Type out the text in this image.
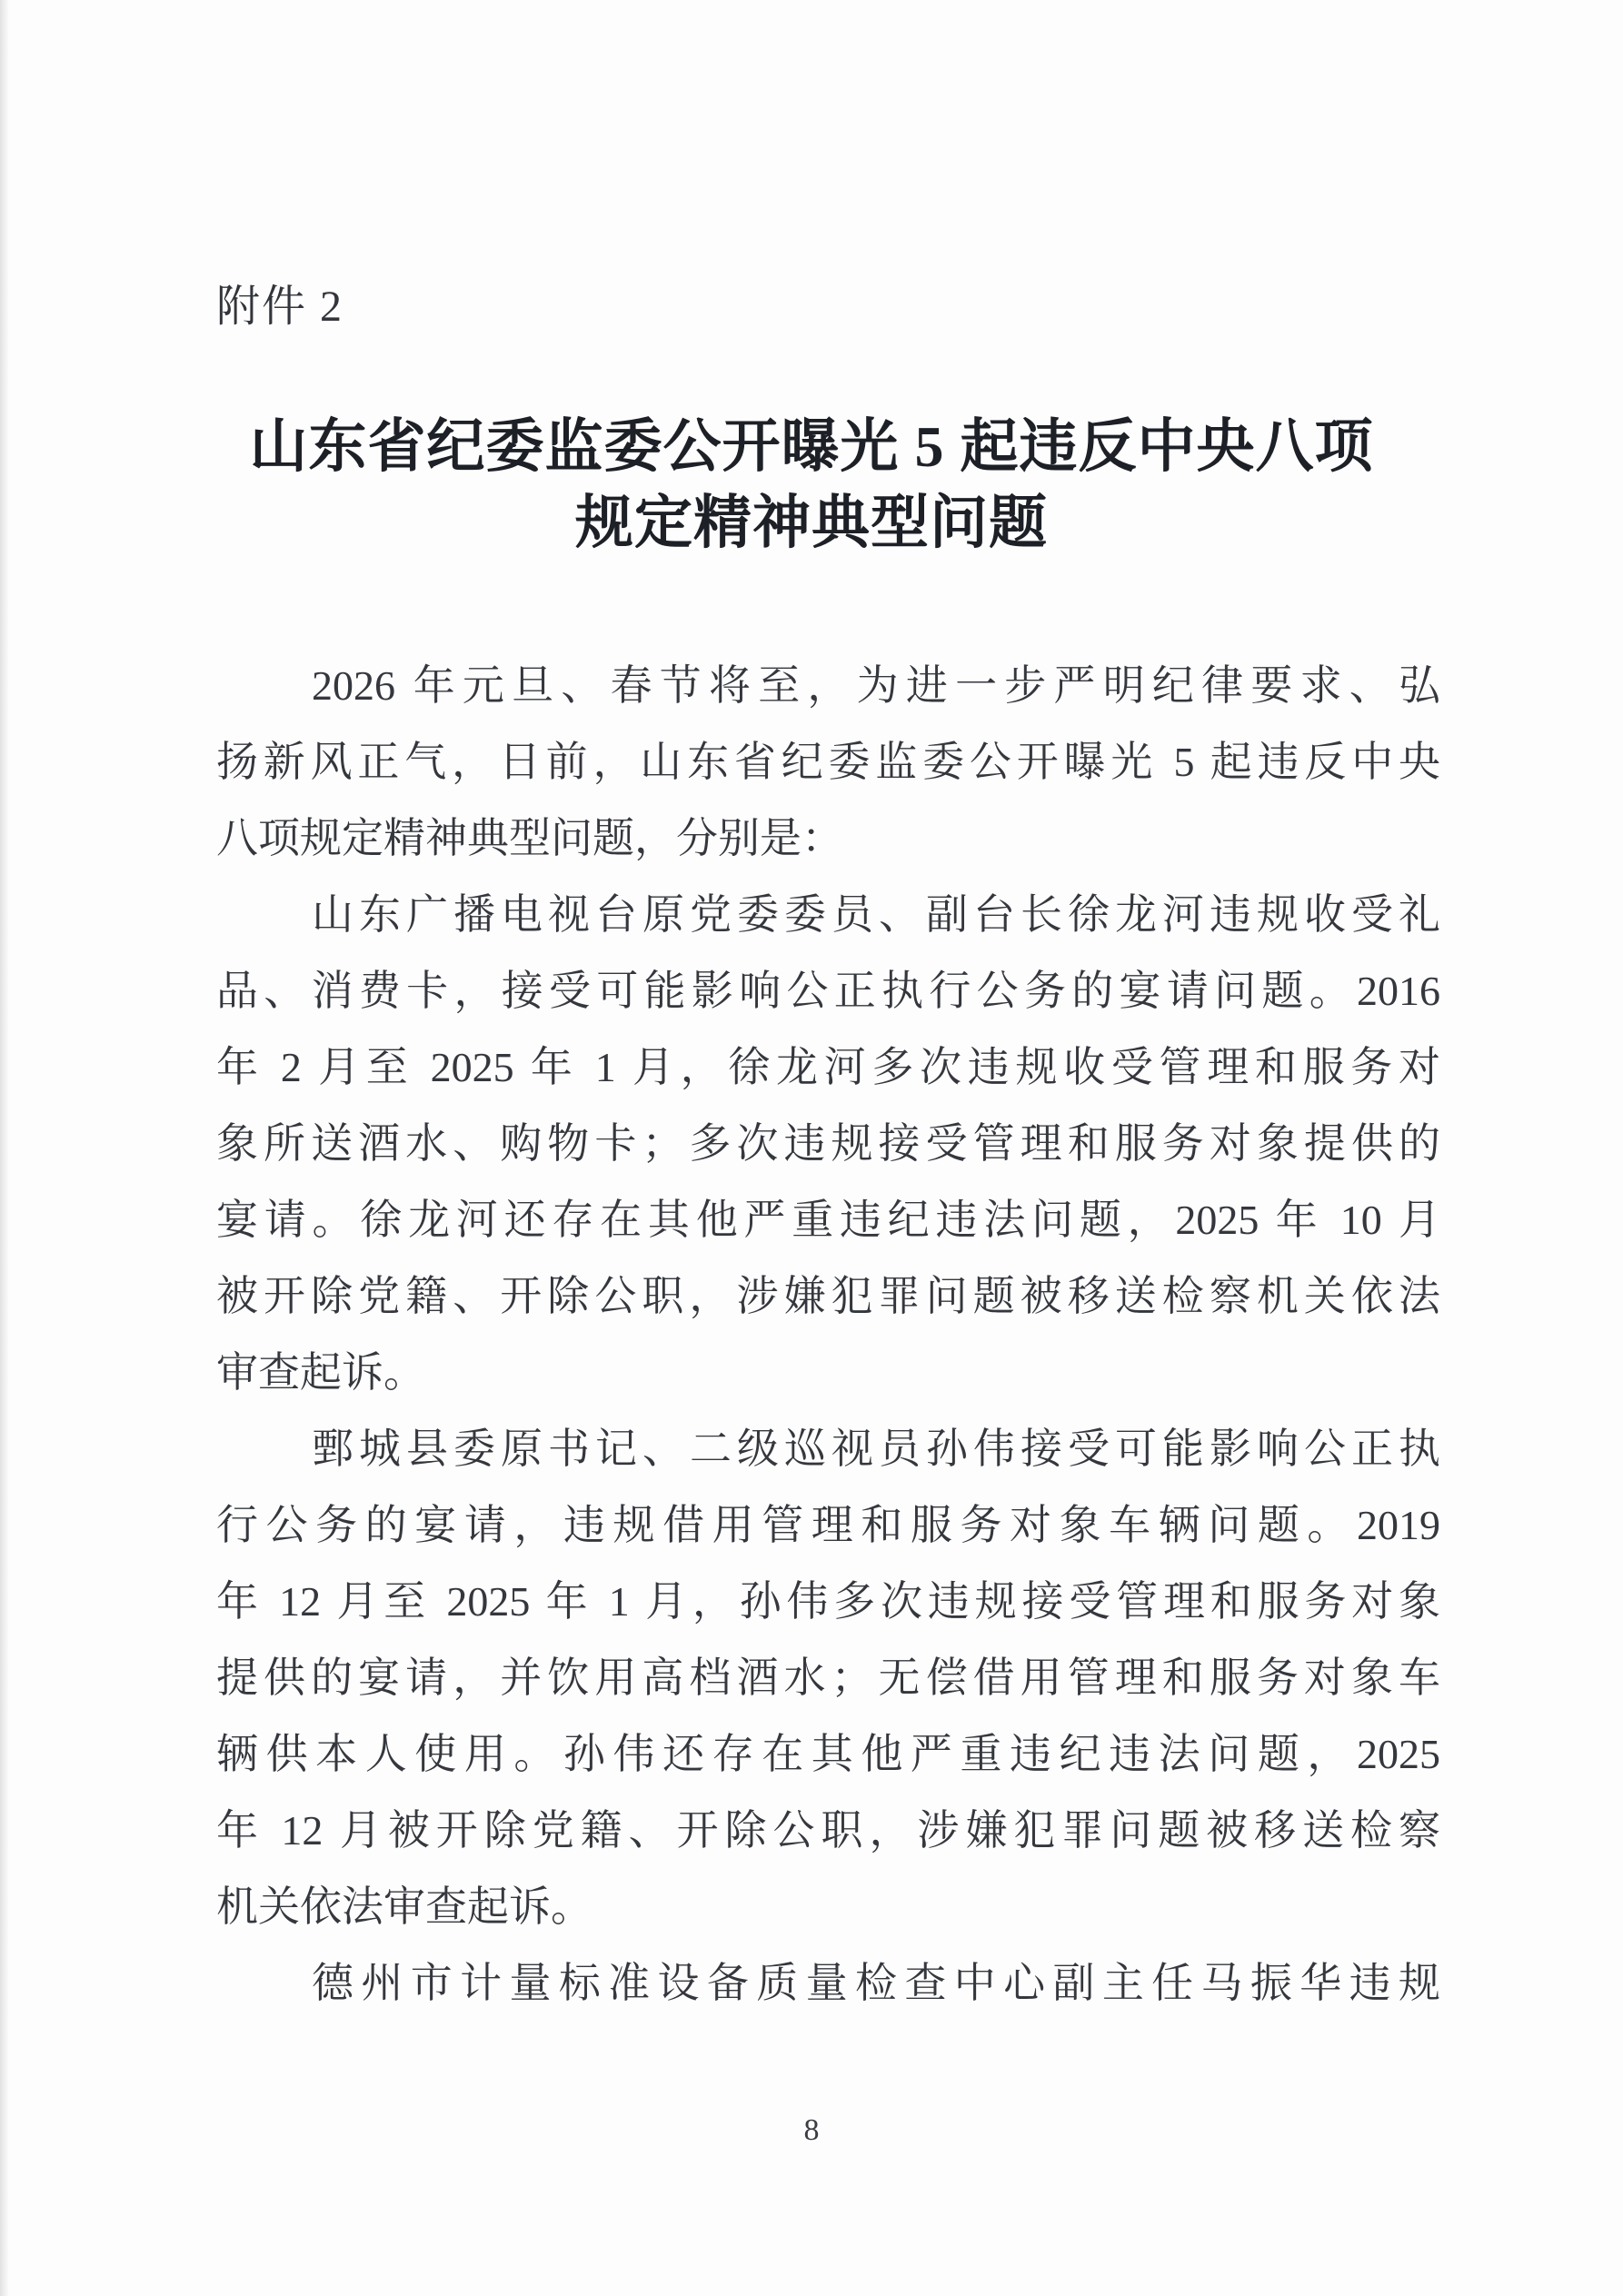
附件 2
山东省纪委监委公开曝光 5 起违反中央八项
规定精神典型问题
2026 年元旦、春节将至，为进一步严明纪律要求、弘
扬新风正气，日前，山东省纪委监委公开曝光 5 起违反中央
八项规定精神典型问题，分别是：
山东广播电视台原党委委员、副台长徐龙河违规收受礼
品、消费卡，接受可能影响公正执行公务的宴请问题。2016
年 2 月至 2025 年 1 月，徐龙河多次违规收受管理和服务对
象所送酒水、购物卡；多次违规接受管理和服务对象提供的
宴请。徐龙河还存在其他严重违纪违法问题，2025 年 10 月
被开除党籍、开除公职，涉嫌犯罪问题被移送检察机关依法
审查起诉。
鄄城县委原书记、二级巡视员孙伟接受可能影响公正执
行公务的宴请，违规借用管理和服务对象车辆问题。2019
年 12 月至 2025 年 1 月，孙伟多次违规接受管理和服务对象
提供的宴请，并饮用高档酒水；无偿借用管理和服务对象车
辆供本人使用。孙伟还存在其他严重违纪违法问题，2025
年 12 月被开除党籍、开除公职，涉嫌犯罪问题被移送检察
机关依法审查起诉。
德州市计量标准设备质量检查中心副主任马振华违规
8
